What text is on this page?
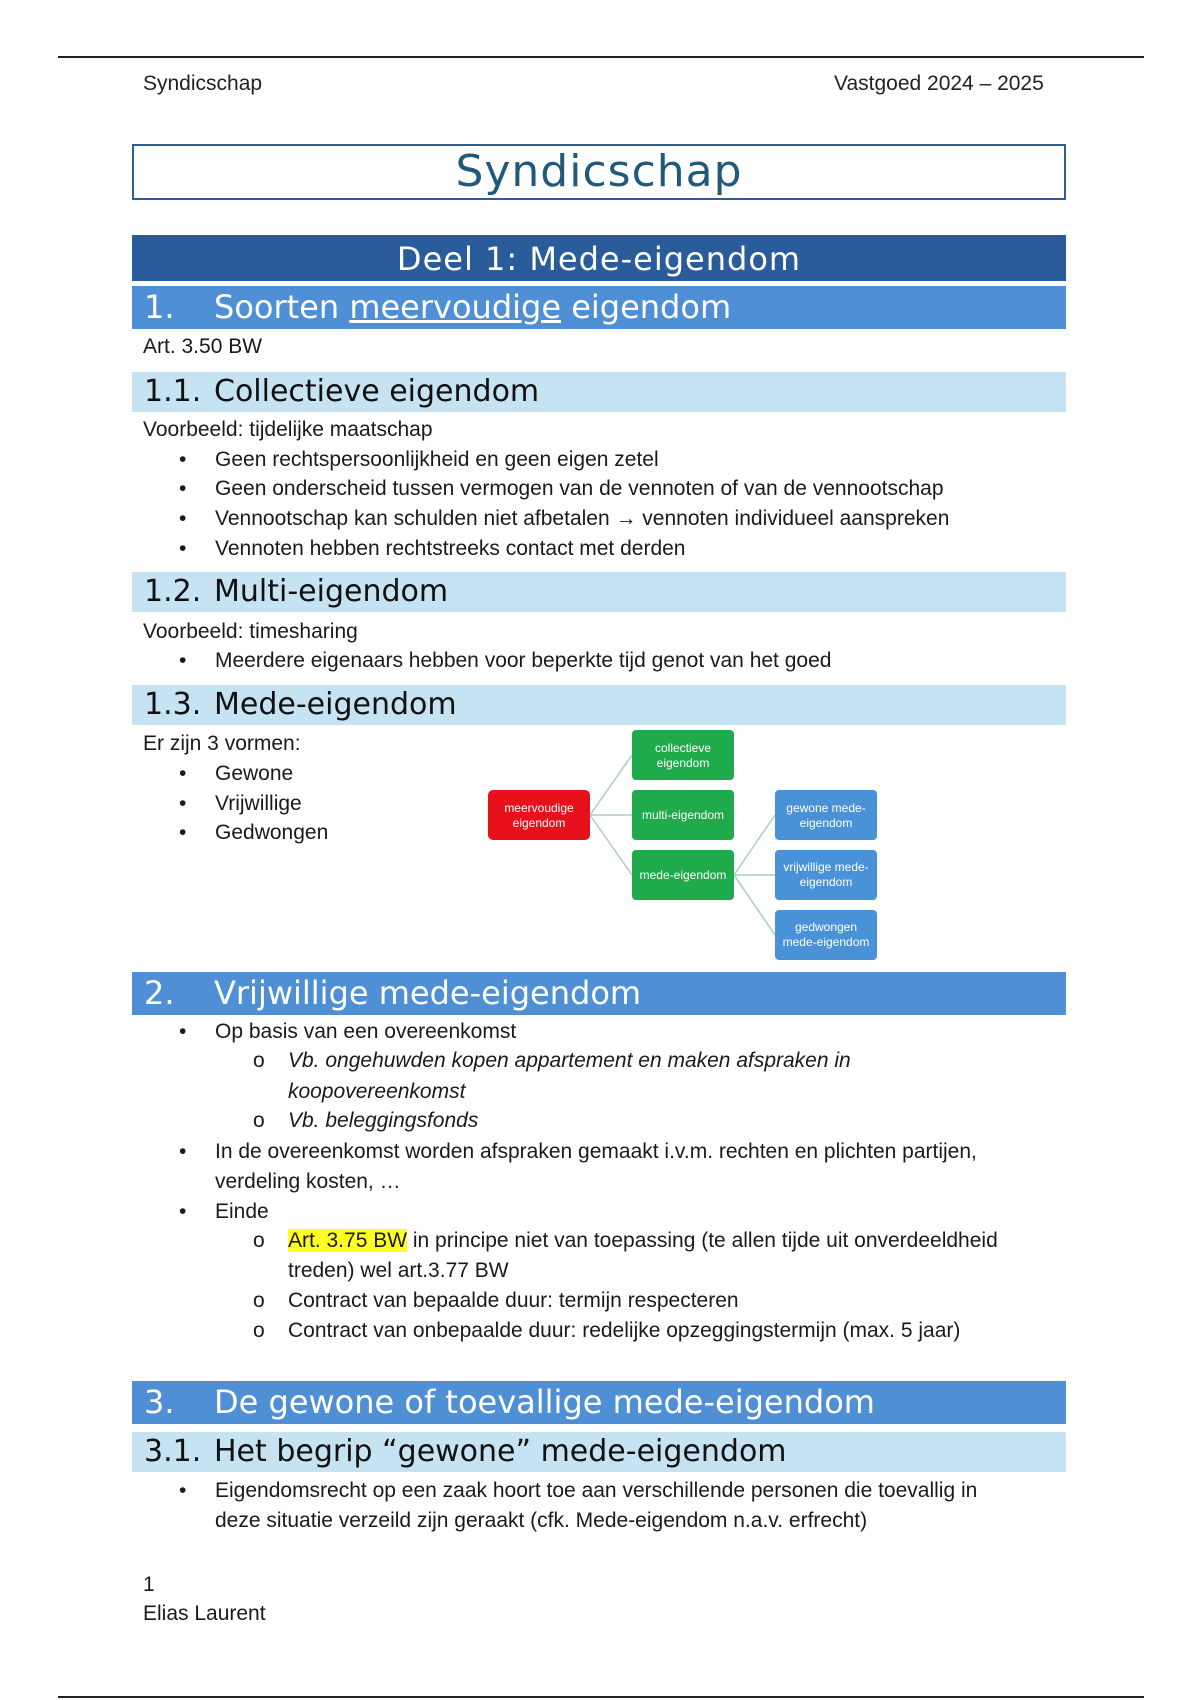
Syndicschap	Vastgoed 2024 – 2025
Syndicschap
Deel 1: Mede-eigendom
1. Soorten meervoudige eigendom
Art. 3.50 BW
1.1. Collectieve eigendom
Voorbeeld: tijdelijke maatschap
• Geen rechtspersoonlijkheid en geen eigen zetel
• Geen onderscheid tussen vermogen van de vennoten of van de vennootschap
• Vennootschap kan schulden niet afbetalen → vennoten individueel aanspreken
• Vennoten hebben rechtstreeks contact met derden
1.2. Multi-eigendom
Voorbeeld: timesharing
• Meerdere eigenaars hebben voor beperkte tijd genot van het goed
1.3. Mede-eigendom
Er zijn 3 vormen:
• Gewone
• Vrijwillige
• Gedwongen
meervoudige
eigendom
collectieve
eigendom
multi-eigendom
mede-eigendom
gewone mede-
eigendom
vrijwillige mede-
eigendom
gedwongen
mede-eigendom
2. Vrijwillige mede-eigendom
• Op basis van een overeenkomst
o Vb. ongehuwden kopen appartement en maken afspraken in
koopovereenkomst
o Vb. beleggingsfonds
• In de overeenkomst worden afspraken gemaakt i.v.m. rechten en plichten partijen,
verdeling kosten, …
• Einde
o Art. 3.75 BW in principe niet van toepassing (te allen tijde uit onverdeeldheid
treden) wel art.3.77 BW
o Contract van bepaalde duur: termijn respecteren
o Contract van onbepaalde duur: redelijke opzeggingstermijn (max. 5 jaar)
3. De gewone of toevallige mede-eigendom
3.1. Het begrip “gewone” mede-eigendom
• Eigendomsrecht op een zaak hoort toe aan verschillende personen die toevallig in
deze situatie verzeild zijn geraakt (cfk. Mede-eigendom n.a.v. erfrecht)
1
Elias Laurent
